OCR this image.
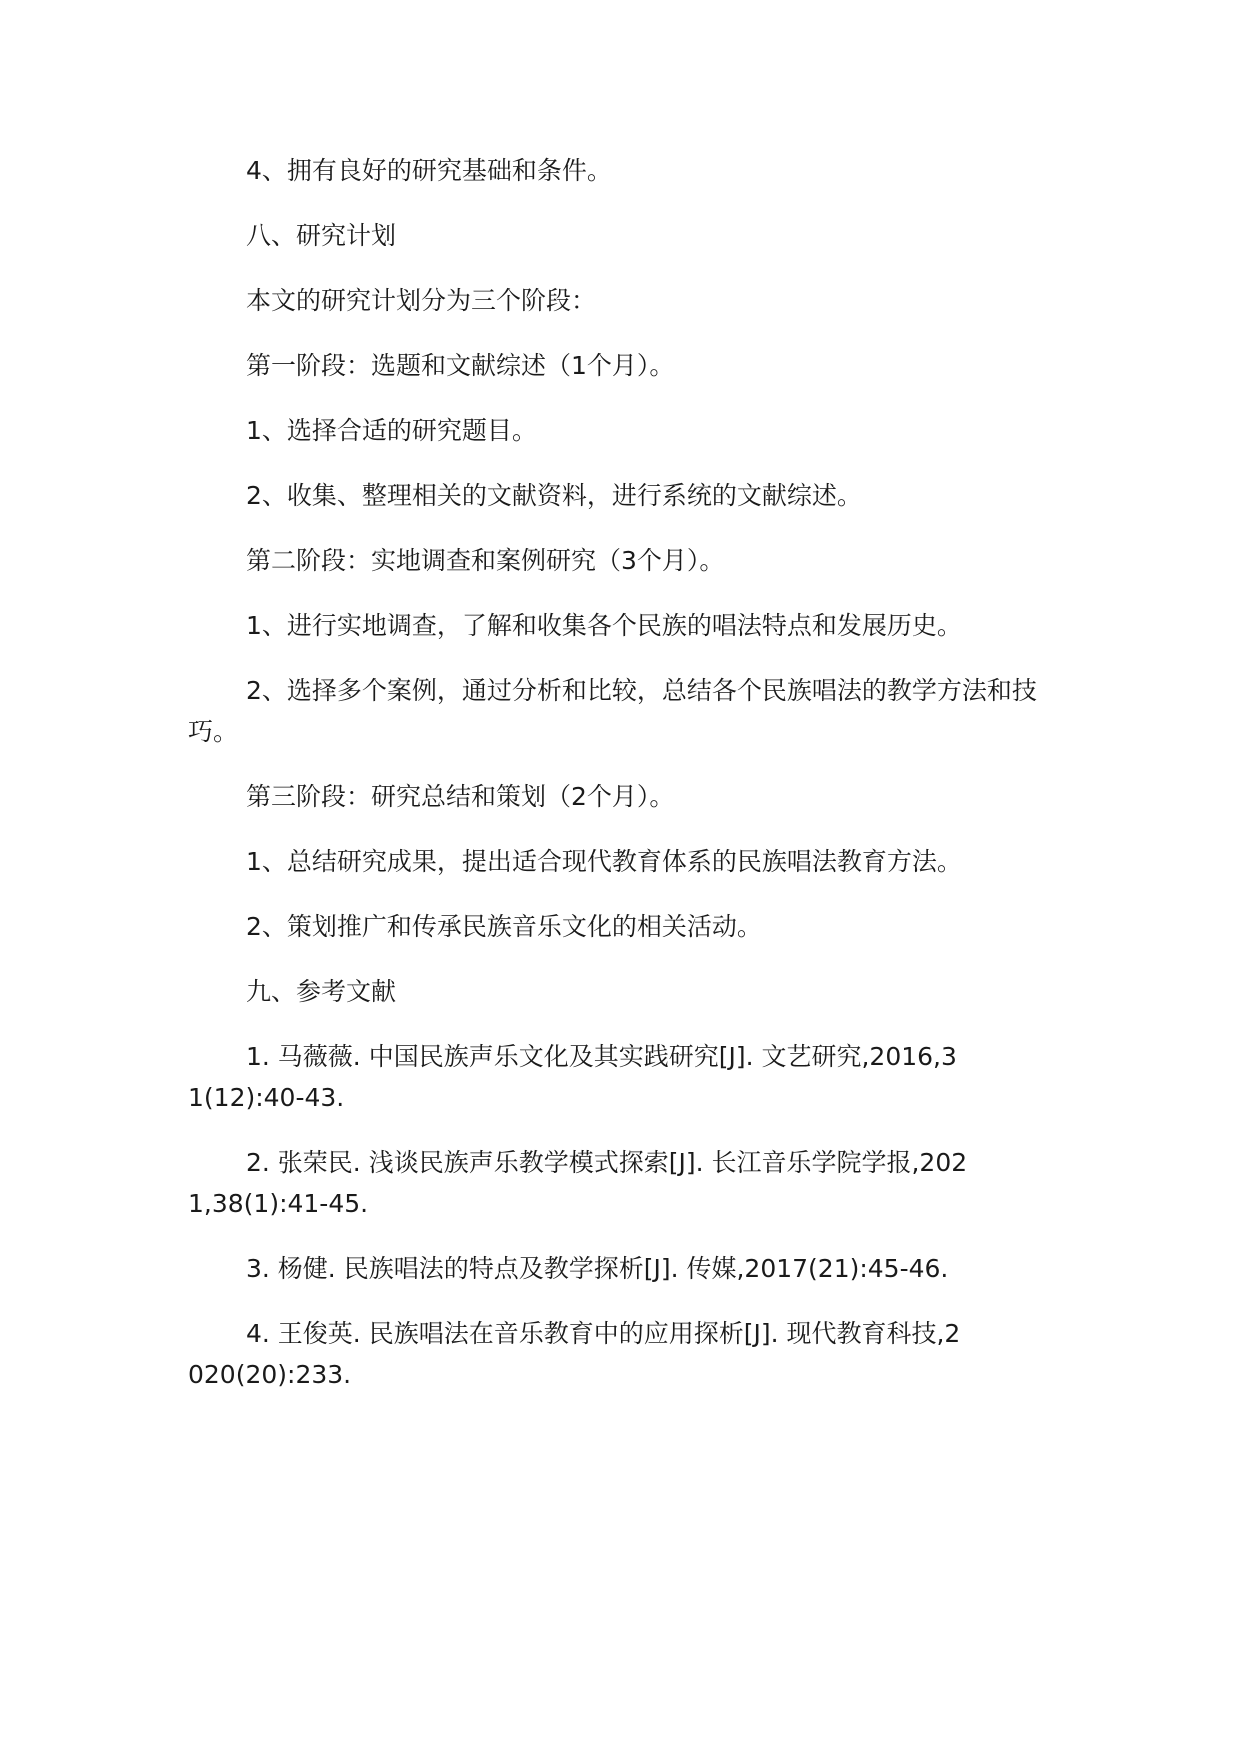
4、拥有良好的研究基础和条件。

八、研究计划

本文的研究计划分为三个阶段：

第一阶段：选题和文献综述（1个月）。

1、选择合适的研究题目。

2、收集、整理相关的文献资料，进行系统的文献综述。

第二阶段：实地调查和案例研究（3个月）。

1、进行实地调查，了解和收集各个民族的唱法特点和发展历史。

2、选择多个案例，通过分析和比较，总结各个民族唱法的教学方法和技巧。

第三阶段：研究总结和策划（2个月）。

1、总结研究成果，提出适合现代教育体系的民族唱法教育方法。

2、策划推广和传承民族音乐文化的相关活动。

九、参考文献

1. 马薇薇. 中国民族声乐文化及其实践研究[J]. 文艺研究,2016,31(12):40-43.

2. 张荣民. 浅谈民族声乐教学模式探索[J]. 长江音乐学院学报,2021,38(1):41-45.

3. 杨健. 民族唱法的特点及教学探析[J]. 传媒,2017(21):45-46.

4. 王俊英. 民族唱法在音乐教育中的应用探析[J]. 现代教育科技,2020(20):233.
